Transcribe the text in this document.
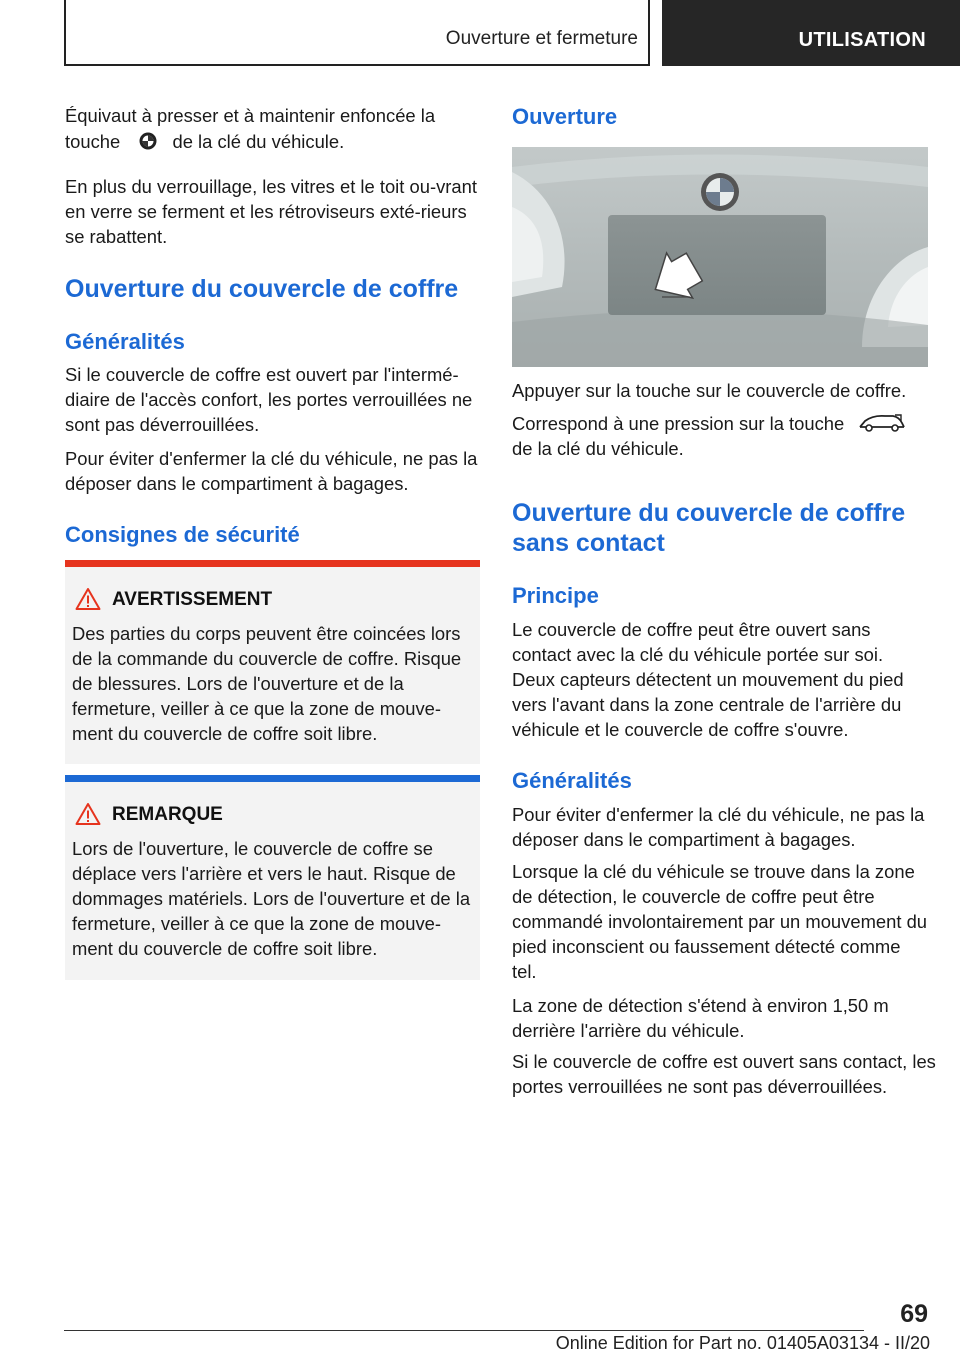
Ouverture et fermeture	UTILISATION

Équivaut à presser et à maintenir enfoncée la

touche	de la clé du véhicule.

En plus du verrouillage, les vitres et le toit ou-vrant en verre se ferment et les rétroviseurs exté-rieurs se rabattent.

Ouverture du couvercle de coffre
Généralités

Si le couvercle de coffre est ouvert par l'intermé-diaire de l'accès confort, les portes verrouillées ne sont pas déverrouillées.

Pour éviter d'enfermer la clé du véhicule, ne pas la déposer dans le compartiment à bagages.

Consignes de sécurité
AVERTISSEMENT
Des parties du corps peuvent être coincées lors de la commande du couvercle de coffre. Risque de blessures. Lors de l'ouverture et de la fermeture, veiller à ce que la zone de mouve-ment du couvercle de coffre soit libre.
REMARQUE
Lors de l'ouverture, le couvercle de coffre se déplace vers l'arrière et vers le haut. Risque de dommages matériels. Lors de l'ouverture et de la fermeture, veiller à ce que la zone de mouve-ment du couvercle de coffre soit libre.
Ouverture

Appuyer sur la touche sur le couvercle de coffre.

Correspond à une pression sur la touche

de la clé du véhicule.

Ouverture du couvercle de coffre sans contact
Principe

Le couvercle de coffre peut être ouvert sans contact avec la clé du véhicule portée sur soi. Deux capteurs détectent un mouvement du pied vers l'avant dans la zone centrale de l'arrière du véhicule et le couvercle de coffre s'ouvre.

Généralités

Pour éviter d'enfermer la clé du véhicule, ne pas la déposer dans le compartiment à bagages.

Lorsque la clé du véhicule se trouve dans la zone de détection, le couvercle de coffre peut être commandé involontairement par un mouvement du pied inconscient ou faussement détecté comme tel.

La zone de détection s'étend à environ 1,50 m derrière l'arrière du véhicule.

Si le couvercle de coffre est ouvert sans contact, les portes verrouillées ne sont pas déverrouillées.

69
Online Edition for Part no. 01405A03134 - II/20
